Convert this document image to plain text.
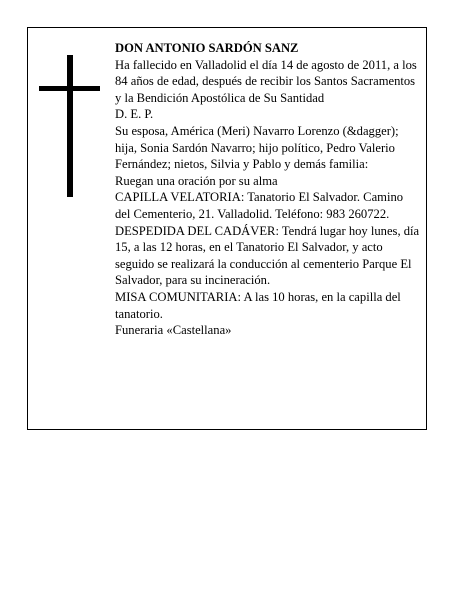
DON ANTONIO SARDÓN SANZ

Ha fallecido en Valladolid el día 14 de agosto de 2011, a los 84 años de edad, después de recibir los Santos Sacramentos y la Bendición Apostólica de Su Santidad

D. E. P.

Su esposa, América (Meri) Navarro Lorenzo (&dagger); hija, Sonia Sardón Navarro; hijo político, Pedro Valerio Fernández; nietos, Silvia y Pablo y demás familia:

Ruegan una oración por su alma

CAPILLA VELATORIA: Tanatorio El Salvador. Camino del Cementerio, 21. Valladolid. Teléfono: 983 260722.

DESPEDIDA DEL CADÁVER: Tendrá lugar hoy lunes, día 15, a las 12 horas, en el Tanatorio El Salvador, y acto seguido se realizará la conducción al cementerio Parque El Salvador, para su incineración.

MISA COMUNITARIA: A las 10 horas, en la capilla del tanatorio.

Funeraria «Castellana»
